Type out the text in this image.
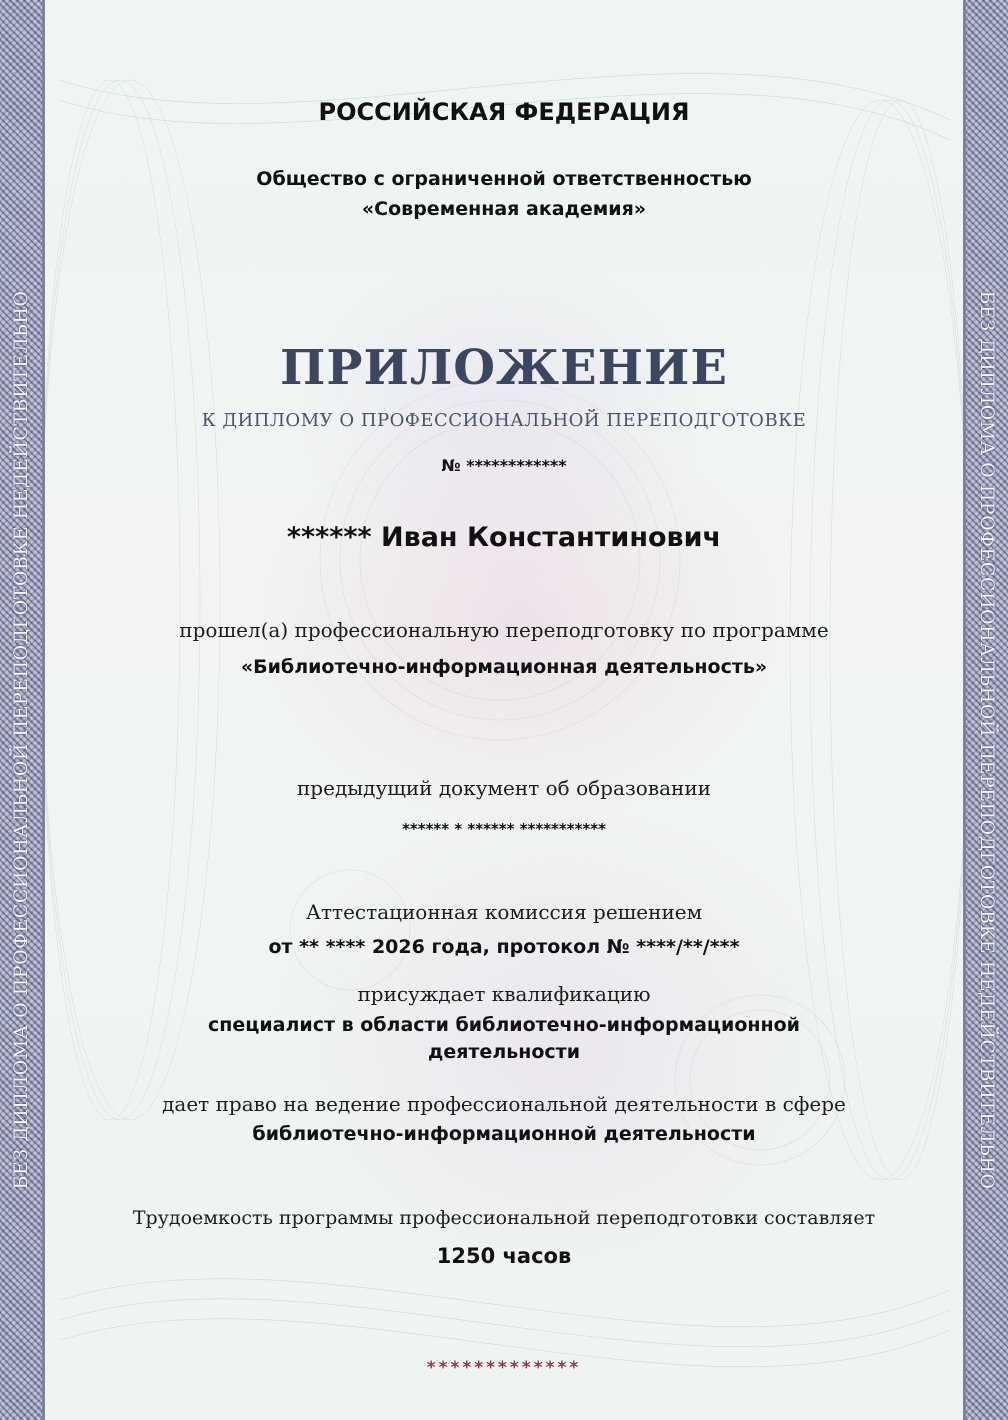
БЕЗ ДИПЛОМА О ПРОФЕССИОНАЛЬНОЙ ПЕРЕПОДГОТОВКЕ НЕДЕЙСТВИТЕЛЬНО	БЕЗ ДИПЛОМА О ПРОФЕССИОНАЛЬНОЙ ПЕРЕПОДГОТОВКЕ НЕДЕЙСТВИТЕЛЬНО
РОССИЙСКАЯ ФЕДЕРАЦИЯ
Общество с ограниченной ответственностью
«Современная академия»
ПРИЛОЖЕНИЕ
К ДИПЛОМУ О ПРОФЕССИОНАЛЬНОЙ ПЕРЕПОДГОТОВКЕ
№ ************
****** Иван Константинович
прошел(а) профессиональную переподготовку по программе
«Библиотечно-информационная деятельность»
предыдущий документ об образовании
****** * ****** ***********
Аттестационная комиссия решением
от ** **** 2026 года, протокол № ****/**/***
присуждает квалификацию
специалист в области библиотечно-информационной
деятельности
дает право на ведение профессиональной деятельности в сфере
библиотечно-информационной деятельности
Трудоемкость программы профессиональной переподготовки составляет
1250 часов
*************
